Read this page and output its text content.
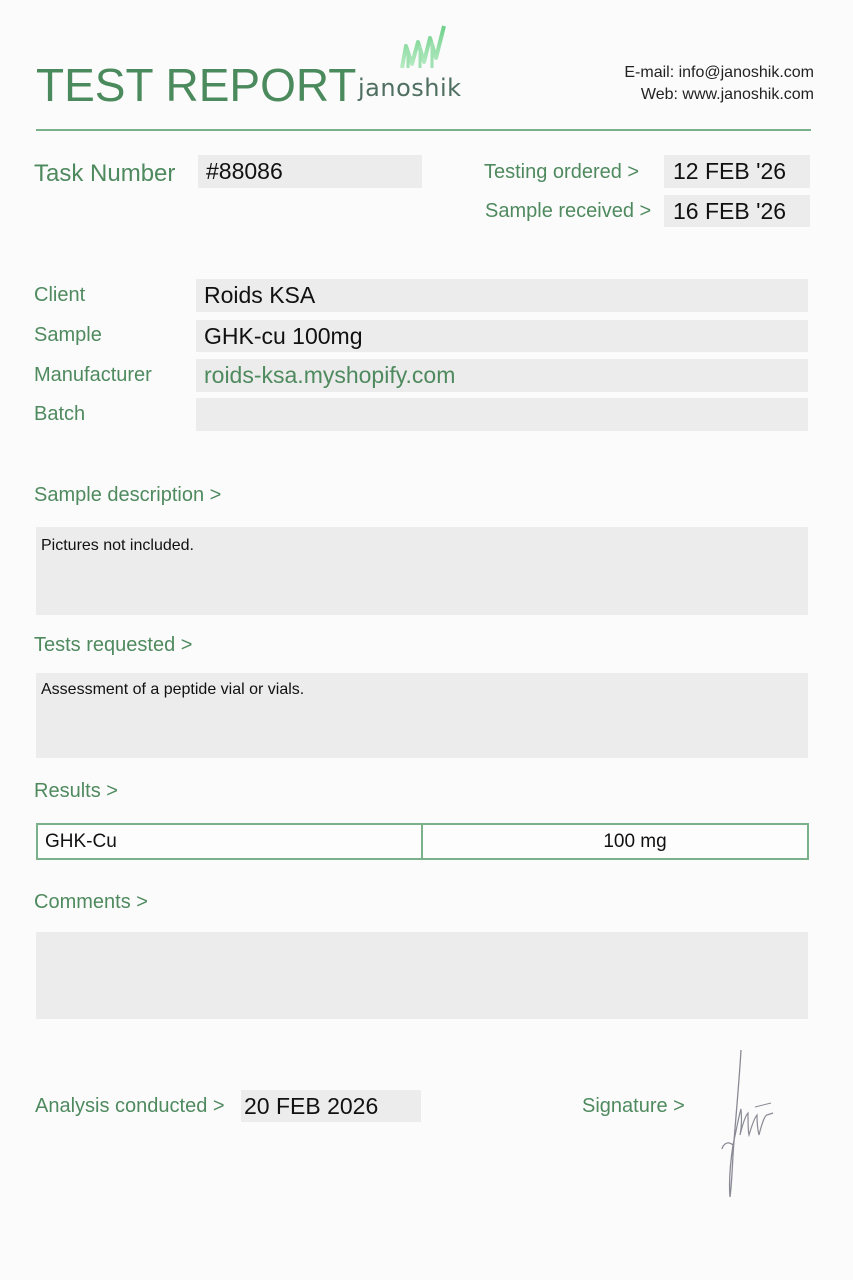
TEST REPORT janoshik
E-mail: info@janoshik.com
Web: www.janoshik.com
Task Number	#88086	Testing ordered >	12 FEB '26
Sample received > 16 FEB '26
Client	Roids KSA
Sample	GHK-cu 100mg
Manufacturer	roids-ksa.myshopify.com
Batch
Sample description >
Pictures not included.
Tests requested >
Assessment of a peptide vial or vials.
Results >
GHK-Cu	100 mg
Comments >
Analysis conducted > 20 FEB 2026	Signature >
